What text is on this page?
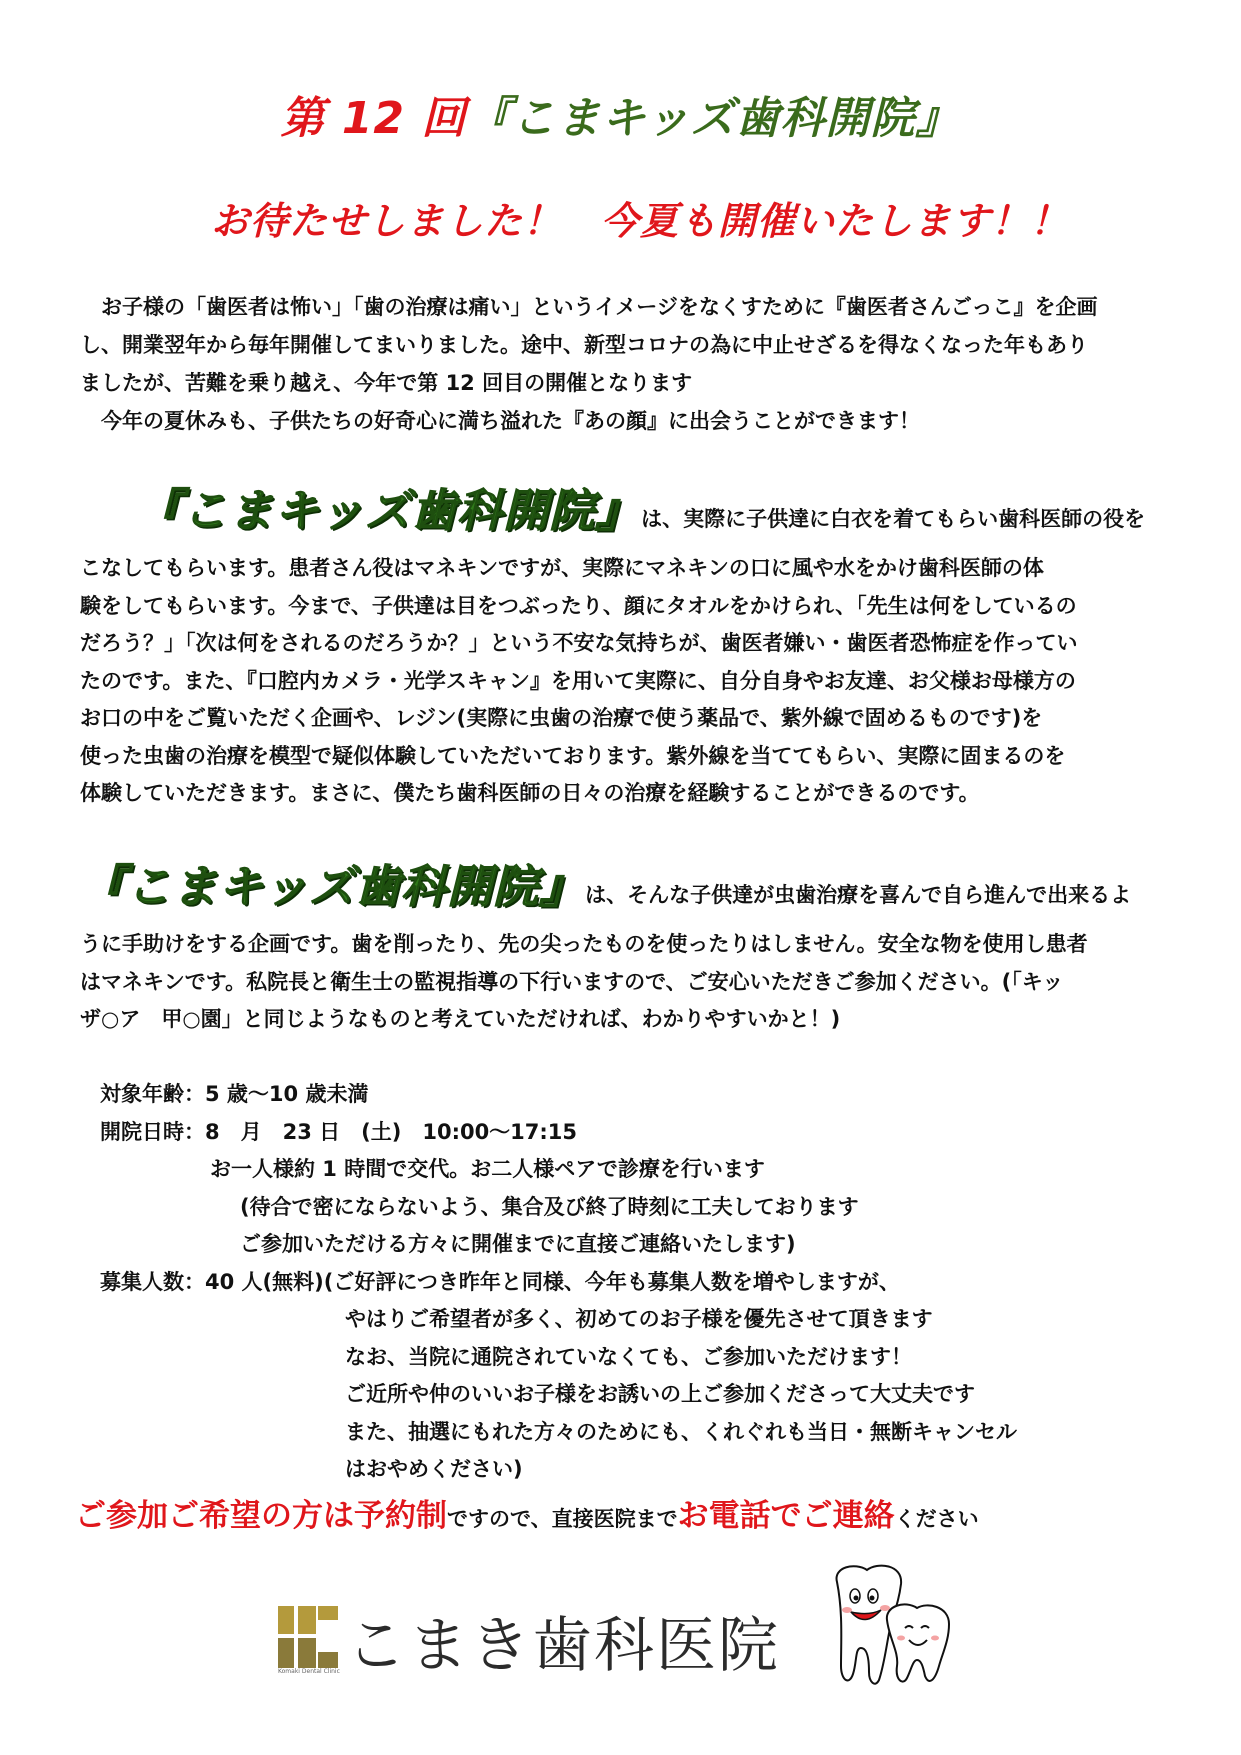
第 12 回『こまキッズ歯科開院』
お待たせしました！　今夏も開催いたします！！

　お子様の「歯医者は怖い」「歯の治療は痛い」というイメージをなくすために『歯医者さんごっこ』を企画

し、開業翌年から毎年開催してまいりました。途中、新型コロナの為に中止せざるを得なくなった年もあり

ましたが、苦難を乗り越え、今年で第 12 回目の開催となります

　今年の夏休みも、子供たちの好奇心に満ち溢れた『あの顔』に出会うことができます！

『こまキッズ歯科開院』は、実際に子供達に白衣を着てもらい歯科医師の役を

こなしてもらいます。患者さん役はマネキンですが、実際にマネキンの口に風や水をかけ歯科医師の体

験をしてもらいます。今まで、子供達は目をつぶったり、顔にタオルをかけられ、「先生は何をしているの

だろう？」「次は何をされるのだろうか？」という不安な気持ちが、歯医者嫌い・歯医者恐怖症を作ってい

たのです。また、『口腔内カメラ・光学スキャン』を用いて実際に、自分自身やお友達、お父様お母様方の

お口の中をご覧いただく企画や、レジン(実際に虫歯の治療で使う薬品で、紫外線で固めるものです)を

使った虫歯の治療を模型で疑似体験していただいております。紫外線を当ててもらい、実際に固まるのを

体験していただきます。まさに、僕たち歯科医師の日々の治療を経験することができるのです。

『こまキッズ歯科開院』は、そんな子供達が虫歯治療を喜んで自ら進んで出来るよ

うに手助けをする企画です。歯を削ったり、先の尖ったものを使ったりはしません。安全な物を使用し患者

はマネキンです。私院長と衛生士の監視指導の下行いますので、ご安心いただきご参加ください。(「キッ

ザ○ア　甲○園」と同じようなものと考えていただければ、わかりやすいかと！)

対象年齢：5 歳～10 歳未満

開院日時：8　月　23 日　(土)　10:00～17:15

お一人様約 1 時間で交代。お二人様ペアで診療を行います

(待合で密にならないよう、集合及び終了時刻に工夫しております

ご参加いただける方々に開催までに直接ご連絡いたします)

募集人数：40 人(無料)(ご好評につき昨年と同様、今年も募集人数を増やしますが、

やはりご希望者が多く、初めてのお子様を優先させて頂きます

なお、当院に通院されていなくても、ご参加いただけます！

ご近所や仲のいいお子様をお誘いの上ご参加くださって大丈夫です

また、抽選にもれた方々のためにも、くれぐれも当日・無断キャンセル

はおやめください)

ご参加ご希望の方は予約制ですので、直接医院までお電話でご連絡ください
Komaki Dental Clinic こまき歯科医院
